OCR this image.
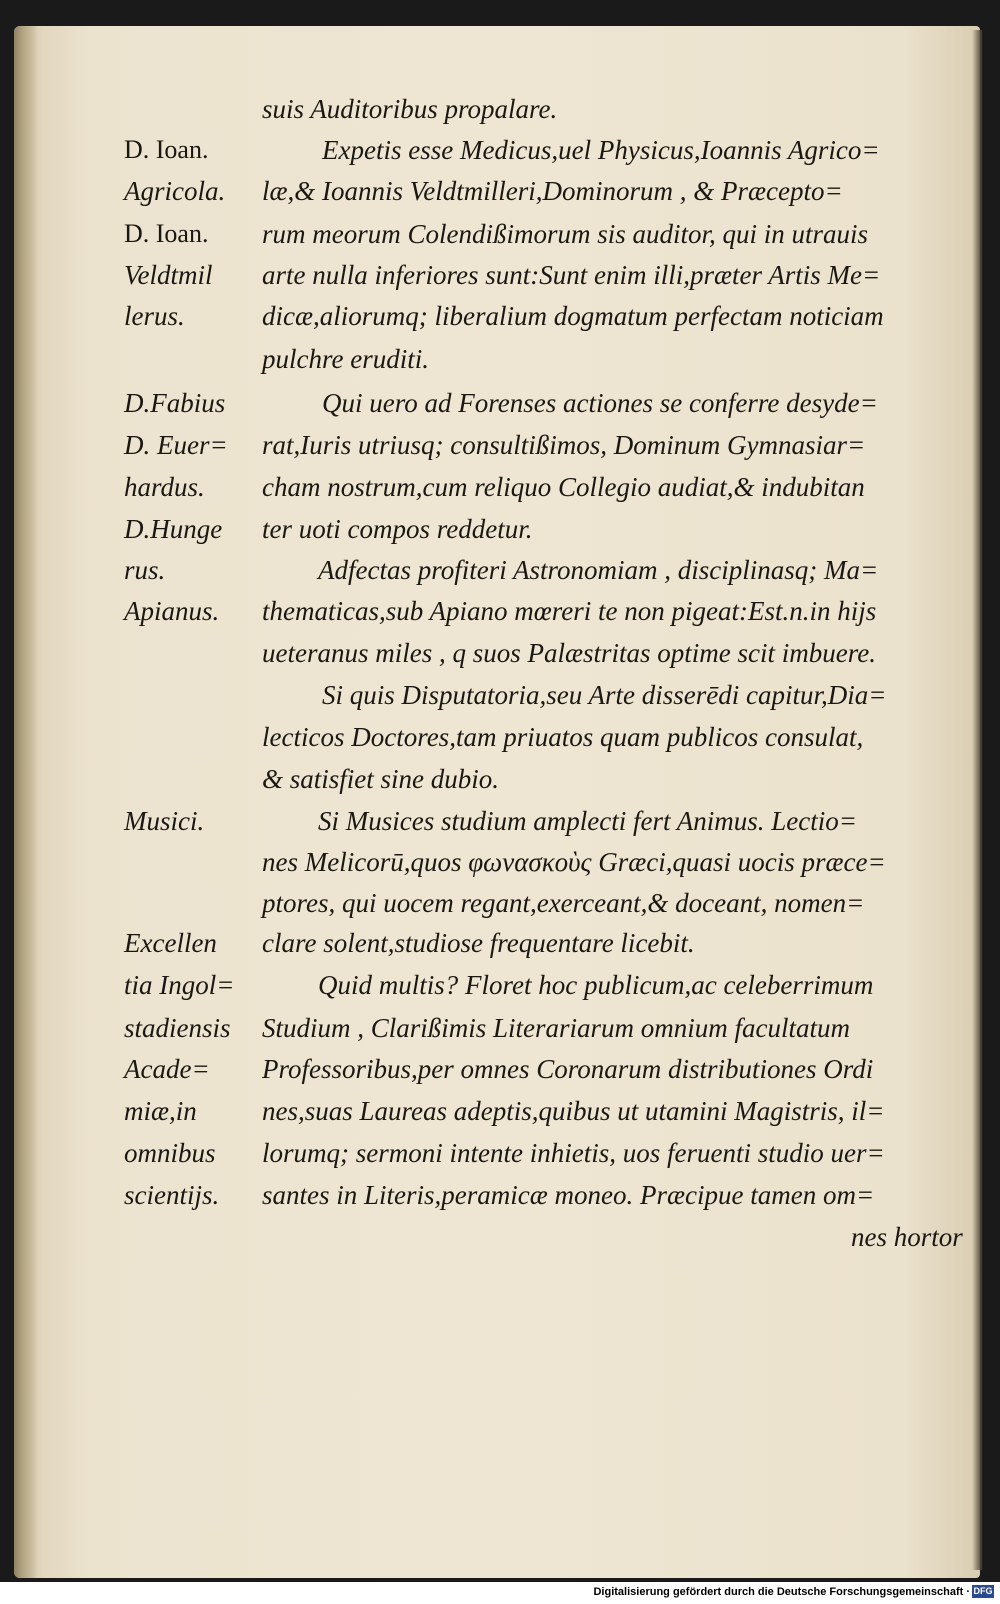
D. Ioan.
Agricola.
D. Ioan.
Veldtmil
lerus.
D.Fabius
D. Euer=
hardus.
D.Hunge
rus.
Apianus.
Musici.
Excellen
tia Ingol=
stadiensis
Acade=
miæ,in
omnibus
scientijs.
suis Auditoribus propalare.
Expetis esse Medicus,uel Physicus,Ioannis Agrico=
læ,& Ioannis Veldtmilleri,Dominorum , & Præcepto=
rum meorum Colendißimorum sis auditor, qui in utrauis
arte nulla inferiores sunt:Sunt enim illi,præter Artis Me=
dicæ,aliorumq; liberalium dogmatum perfectam noticiam
pulchre eruditi.
Qui uero ad Forenses actiones se conferre desyde=
rat,Iuris utriusq; consultißimos, Dominum Gymnasiar=
cham nostrum,cum reliquo Collegio audiat,& indubitan
ter uoti compos reddetur.
Adfectas profiteri Astronomiam , disciplinasq; Ma=
thematicas,sub Apiano mœreri te non pigeat:Est.n.in hijs
ueteranus miles , q suos Palæstritas optime scit imbuere.
Si quis Disputatoria,seu Arte disserēdi capitur,Dia=
lecticos Doctores,tam priuatos quam publicos consulat,
& satisfiet sine dubio.
Si Musices studium amplecti fert Animus. Lectio=
nes Melicorū,quos φωνασκοὺς Græci,quasi uocis præce=
ptores, qui uocem regant,exerceant,& doceant, nomen=
clare solent,studiose frequentare licebit.
Quid multis? Floret hoc publicum,ac celeberrimum
Studium , Clarißimis Literariarum omnium facultatum
Professoribus,per omnes Coronarum distributiones Ordi
nes,suas Laureas adeptis,quibus ut utamini Magistris, il=
lorumq; sermoni intente inhietis, uos feruenti studio uer=
santes in Literis,peramicæ moneo. Præcipue tamen om=
nes hortor
Digitalisierung gefördert durch die Deutsche Forschungsgemeinschaft · DFG
